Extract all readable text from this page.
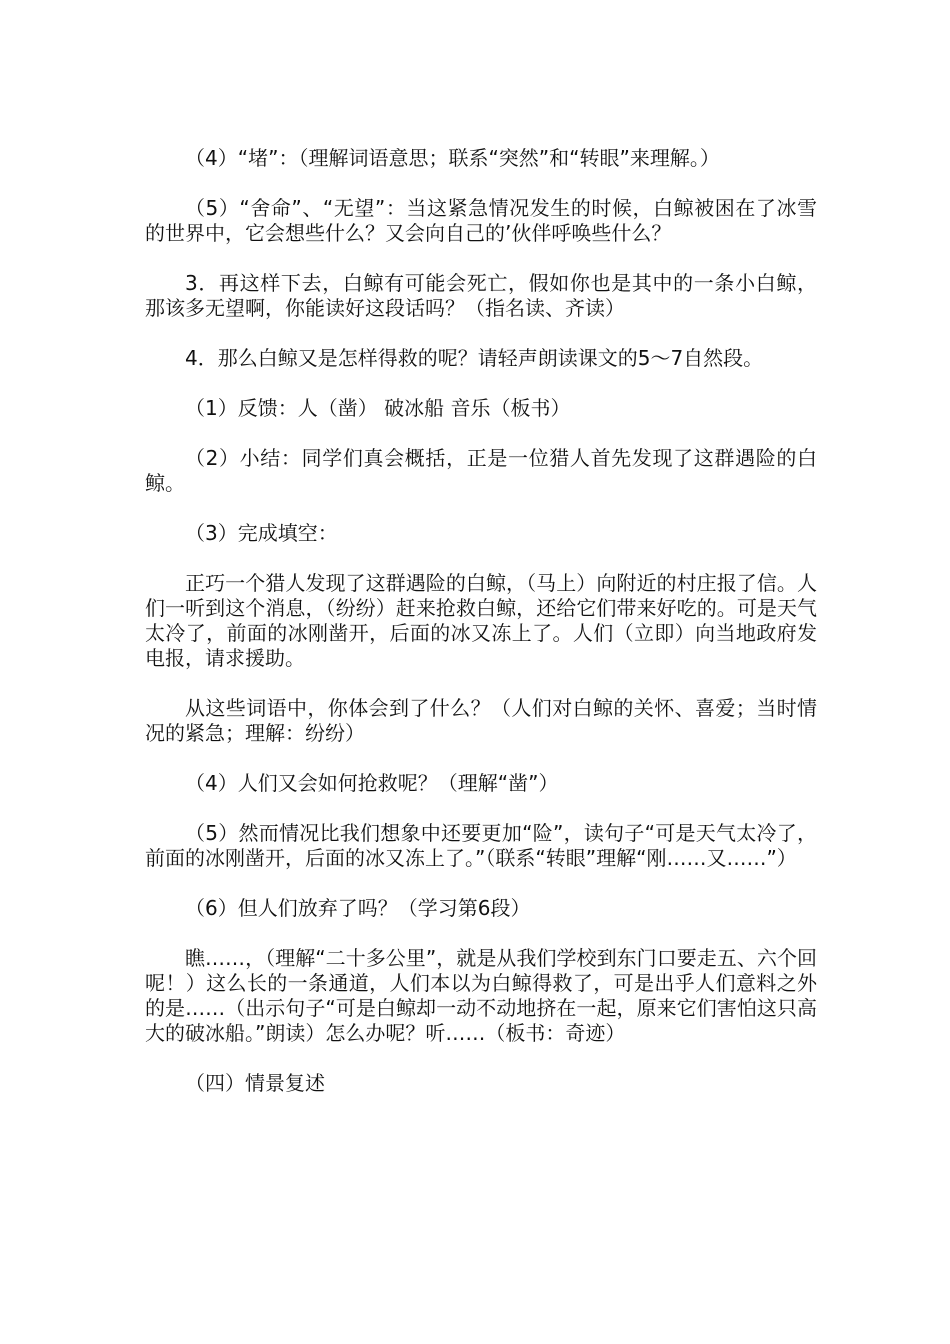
（4）“堵”：（理解词语意思；联系“突然”和“转眼”来理解。）

（5）“舍命”、“无望”：当这紧急情况发生的时候，白鲸被困在了冰雪的世界中，它会想些什么？又会向自己的’伙伴呼唤些什么？

3．再这样下去，白鲸有可能会死亡，假如你也是其中的一条小白鲸，那该多无望啊，你能读好这段话吗？（指名读、齐读）

4．那么白鲸又是怎样得救的呢？请轻声朗读课文的5～7自然段。

（1）反馈：人（凿） 破冰船 音乐（板书）

（2）小结：同学们真会概括，正是一位猎人首先发现了这群遇险的白鲸。

（3）完成填空：

正巧一个猎人发现了这群遇险的白鲸，（马上）向附近的村庄报了信。人们一听到这个消息，（纷纷）赶来抢救白鲸，还给它们带来好吃的。可是天气太冷了，前面的冰刚凿开，后面的冰又冻上了。人们（立即）向当地政府发电报，请求援助。

从这些词语中，你体会到了什么？（人们对白鲸的关怀、喜爱；当时情况的紧急；理解：纷纷）

（4）人们又会如何抢救呢？（理解“凿”）

（5）然而情况比我们想象中还要更加“险”，读句子“可是天气太冷了，前面的冰刚凿开，后面的冰又冻上了。”（联系“转眼”理解“刚……又……”）

（6）但人们放弃了吗？（学习第6段）

瞧……，（理解“二十多公里”，就是从我们学校到东门口要走五、六个回呢！）这么长的一条通道，人们本以为白鲸得救了，可是出乎人们意料之外的是……（出示句子“可是白鲸却一动不动地挤在一起，原来它们害怕这只高大的破冰船。”朗读）怎么办呢？听……（板书：奇迹）

（四）情景复述
